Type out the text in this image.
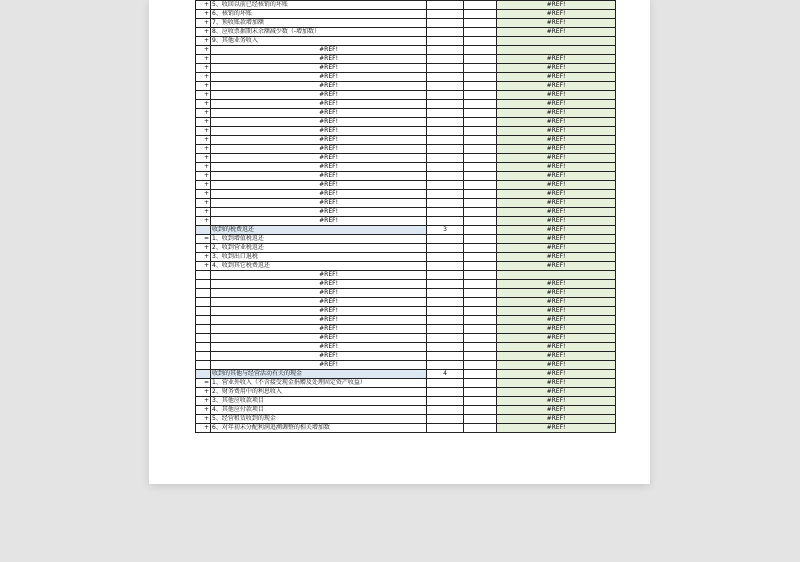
+	5、收回以前已经核销的坏账			#REF!
+	6、核销的坏账			#REF!
+	7、预收账款增加额			#REF!
+	8、应收票据期末余额减少数（-增加数）			#REF!
+	9、其他业务收入			
+	#REF!			
+	#REF!			#REF!
+	#REF!			#REF!
+	#REF!			#REF!
+	#REF!			#REF!
+	#REF!			#REF!
+	#REF!			#REF!
+	#REF!			#REF!
+	#REF!			#REF!
+	#REF!			#REF!
+	#REF!			#REF!
+	#REF!			#REF!
+	#REF!			#REF!
+	#REF!			#REF!
+	#REF!			#REF!
+	#REF!			#REF!
+	#REF!			#REF!
+	#REF!			#REF!
+	#REF!			#REF!
+	#REF!			#REF!
	收到的税费返还	3		#REF!
=	1、收到增值税返还			#REF!
+	2、收到营业税返还			#REF!
+	3、收到出口退税			#REF!
+	4、收到其它税费返还			#REF!
	#REF!			
	#REF!			#REF!
	#REF!			#REF!
	#REF!			#REF!
	#REF!			#REF!
	#REF!			#REF!
	#REF!			#REF!
	#REF!			#REF!
	#REF!			#REF!
	#REF!			#REF!
	#REF!			#REF!
	收到的其他与经营活动有关的现金	4		#REF!
=	1、营业外收入（不含接受现金捐赠及处理固定资产收益）			#REF!
+	2、财务费用中的利息收入			#REF!
+	3、其他应收款项目			#REF!
+	4、其他应付款项目			#REF!
+	5、经营租赁收到的现金			#REF!
+	6、对年初未分配利润追溯调整的相关增加数			#REF!
